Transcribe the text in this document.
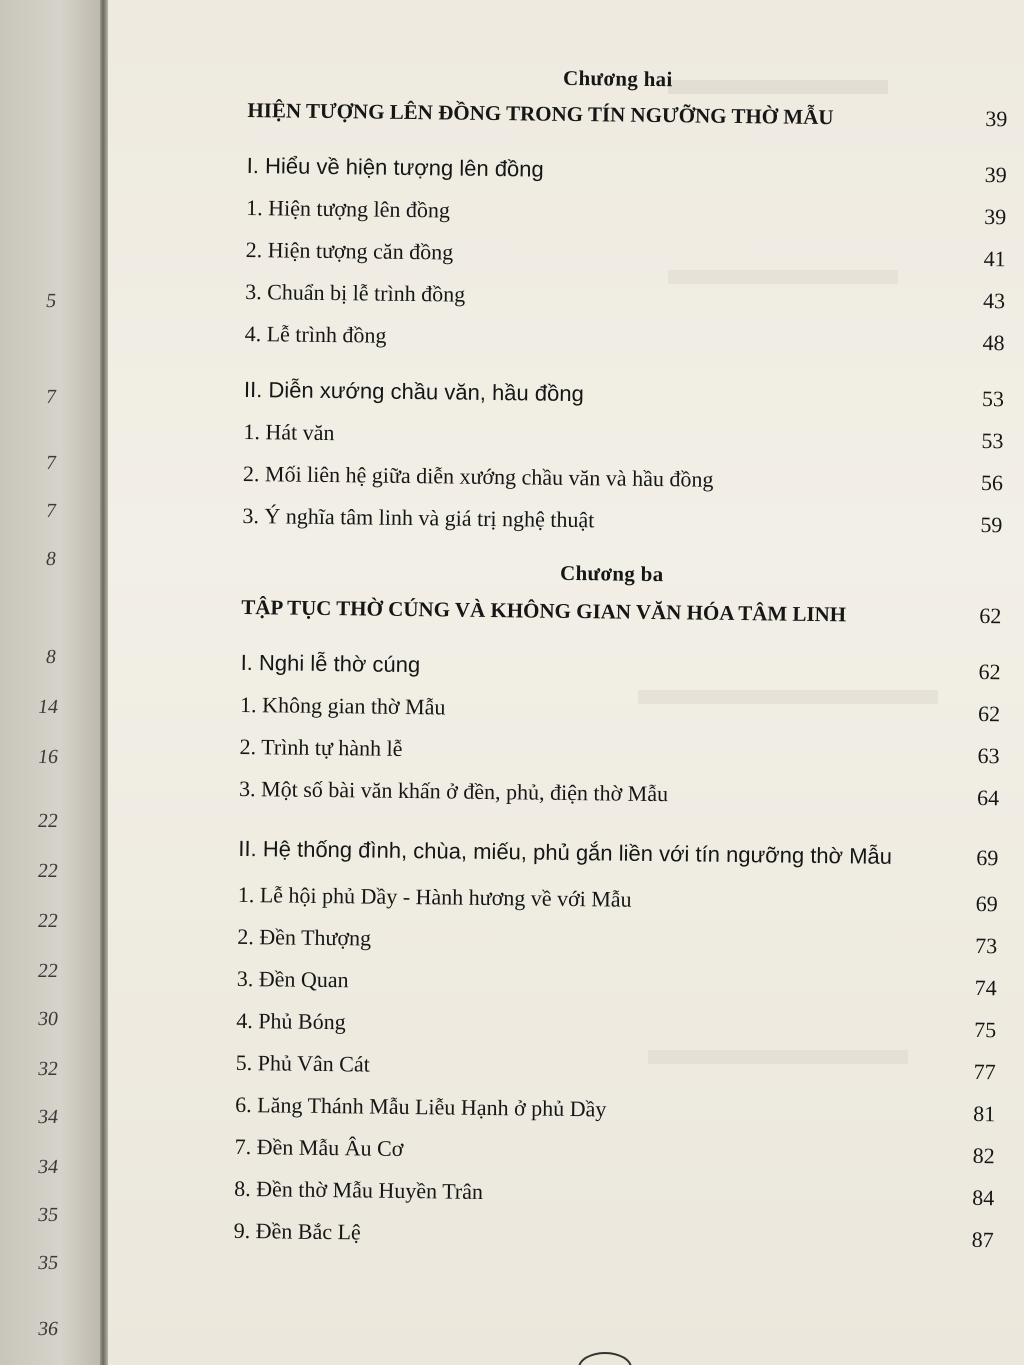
5
7
7
7
8
8
14
16
22
22
22
22
30
32
34
34
35
35
36

Chương hai

HIỆN TƯỢNG LÊN ĐỒNG TRONG TÍN NGƯỠNG THỜ MẪU	39
I. Hiểu về hiện tượng lên đồng	39
1. Hiện tượng lên đồng	39
2. Hiện tượng căn đồng	41
3. Chuẩn bị lễ trình đồng	43
4. Lễ trình đồng	48
II. Diễn xướng chầu văn, hầu đồng	53
1. Hát văn	53
2. Mối liên hệ giữa diễn xướng chầu văn và hầu đồng	56
3. Ý nghĩa tâm linh và giá trị nghệ thuật	59

Chương ba

TẬP TỤC THỜ CÚNG VÀ KHÔNG GIAN VĂN HÓA TÂM LINH	62
I. Nghi lễ thờ cúng	62
1. Không gian thờ Mẫu	62
2. Trình tự hành lễ	63
3. Một số bài văn khấn ở đền, phủ, điện thờ Mẫu	64
II. Hệ thống đình, chùa, miếu, phủ gắn liền với tín ngưỡng thờ Mẫu	69
1. Lễ hội phủ Dầy - Hành hương về với Mẫu	69
2. Đền Thượng	73
3. Đền Quan	74
4. Phủ Bóng	75
5. Phủ Vân Cát	77
6. Lăng Thánh Mẫu Liễu Hạnh ở phủ Dầy	81
7. Đền Mẫu Âu Cơ	82
8. Đền thờ Mẫu Huyền Trân	84
9. Đền Bắc Lệ	87
